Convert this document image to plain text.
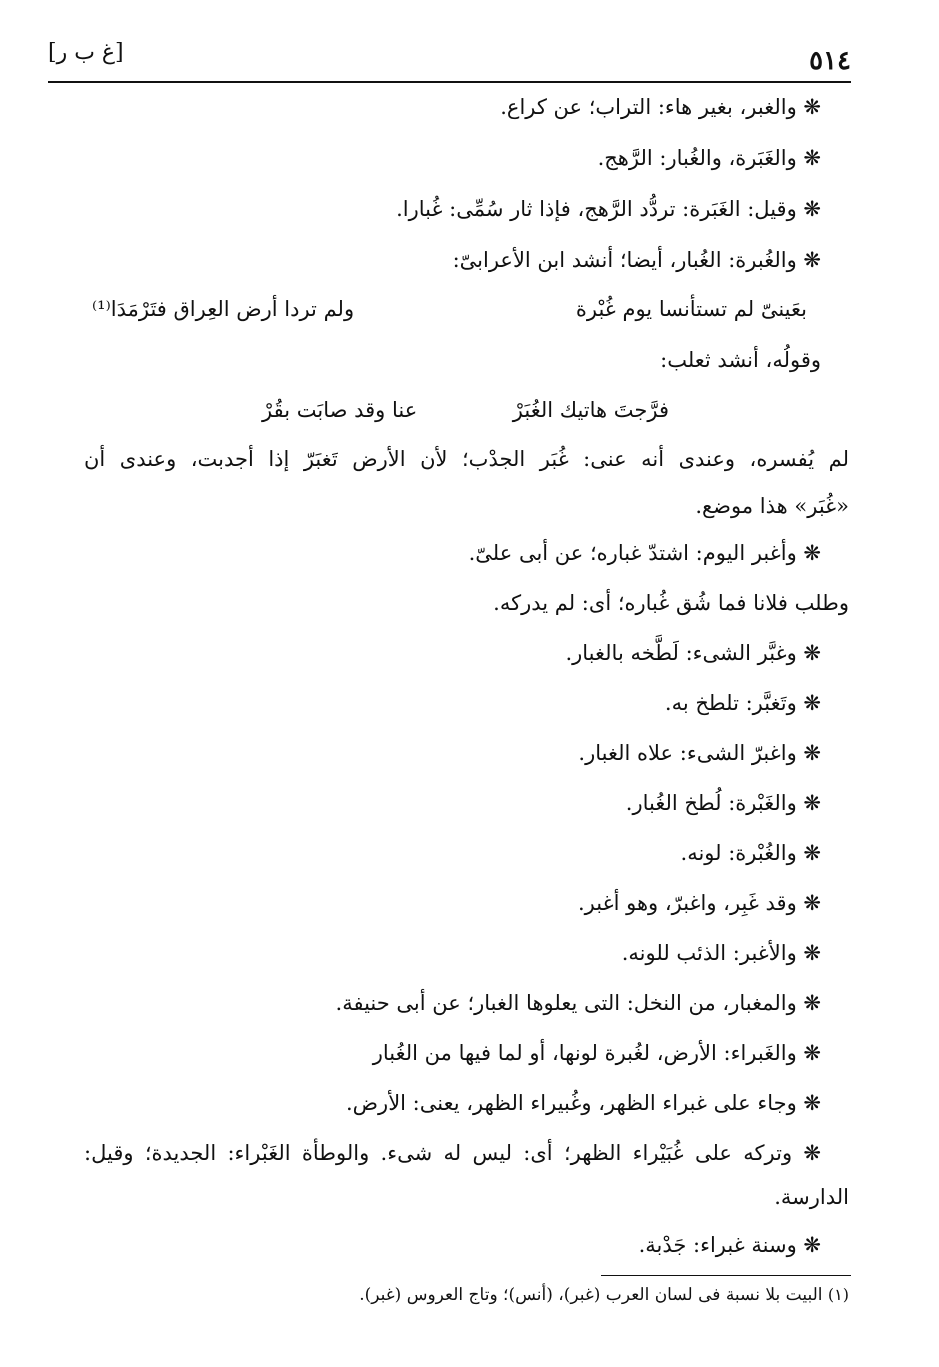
٥١٤
[غ ب ر]
❋ والغبر، بغير هاء: التراب؛ عن كراع.
❋ والغَبَرة، والغُبار: الرَّهج.
❋ وقيل: الغَبَرة: تردُّد الرَّهج، فإذا ثار سُمِّى: غُبارا.
❋ والغُبرة: الغُبار، أيضا؛ أنشد ابن الأعرابىّ:
بعَينىّ لم تستأنسا يوم غُبْرة
ولم تردا أرض العِراق فتَرْمَدَا⁽¹⁾
وقولُه، أنشد ثعلب:
فرَّجتَ هاتيك الغُبَرْ
عنا وقد صابَت بقُرْ
لم يُفسره، وعندى أنه عنى: غُبَر الجدْب؛ لأن الأرض تَغبَرّ إذا أجدبت، وعندى أن
«غُبَر» هذا موضع.
❋ وأغبر اليوم: اشتدّ غباره؛ عن أبى علىّ.
وطلب فلانا فما شُق غُباره؛ أى: لم يدركه.
❋ وغبَّر الشىء: لَطَّخه بالغبار.
❋ وتَغبَّر: تلطخ به.
❋ واغبرّ الشىء: علاه الغبار.
❋ والغَبْرة: لُطخ الغُبار.
❋ والغُبْرة: لونه.
❋ وقد غَبِر، واغبرّ، وهو أغبر.
❋ والأغبر: الذئب للونه.
❋ والمغبار، من النخل: التى يعلوها الغبار؛ عن أبى حنيفة.
❋ والغَبراء: الأرض، لغُبرة لونها، أو لما فيها من الغُبار
❋ وجاء على غبراء الظهر، وغُبيراء الظهر، يعنى: الأرض.
❋ وتركه على غُبَيْراء الظهر؛ أى: ليس له شىء. والوطأة الغَبْراء: الجديدة؛ وقيل:
الدارسة.
❋ وسنة غبراء: جَدْبة.
(١) البيت بلا نسبة فى لسان العرب (غبر)، (أنس)؛ وتاج العروس (غبر).
